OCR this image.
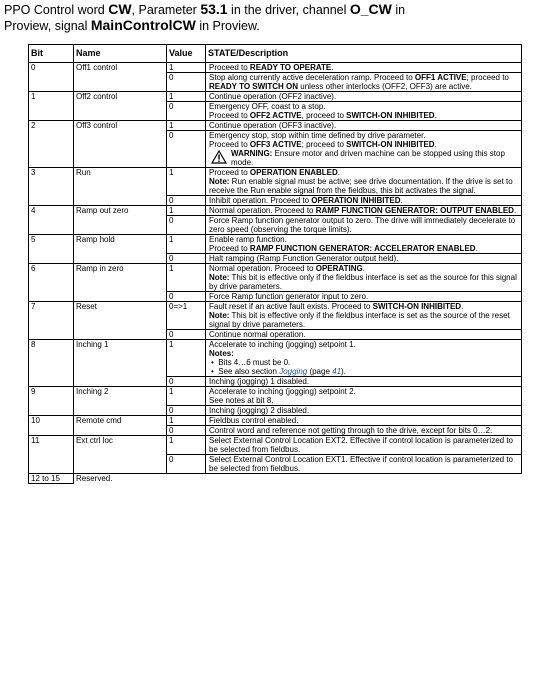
PPO Control word CW, Parameter 53.1 in the driver, channel O_CW in
Proview, signal MainControlCW in Proview.
Bit	Name	Value	STATE/Description
0	Off1 control	1	Proceed to READY TO OPERATE.
		0	Stop along currently active deceleration ramp. Proceed to OFF1 ACTIVE; proceed to READY TO SWITCH ON unless other interlocks (OFF2, OFF3) are active.
1	Off2 control	1	Continue operation (OFF2 inactive).
		0	Emergency OFF, coast to a stop.
Proceed to OFF2 ACTIVE, proceed to SWITCH-ON INHIBITED.
2	Off3 control	1	Continue operation (OFF3 inactive).
		0	Emergency stop, stop within time defined by drive parameter.
Proceed to OFF3 ACTIVE; proceed to SWITCH-ON INHIBITED.
WARNING: Ensure motor and driven machine can be stopped using this stop mode.

3	Run	1	Proceed to OPERATION ENABLED.
Note: Run enable signal must be active; see drive documentation. If the drive is set to receive the Run enable signal from the fieldbus, this bit activates the signal.
		0	Inhibit operation. Proceed to OPERATION INHIBITED.
4	Ramp out zero	1	Normal operation. Proceed to RAMP FUNCTION GENERATOR: OUTPUT ENABLED.
		0	Force Ramp function generator output to zero. The drive will immediately decelerate to zero speed (observing the torque limits).
5	Ramp hold	1	Enable ramp function.
Proceed to RAMP FUNCTION GENERATOR: ACCELERATOR ENABLED.
		0	Halt ramping (Ramp Function Generator output held).
6	Ramp in zero	1	Normal operation. Proceed to OPERATING.
Note: This bit is effective only if the fieldbus interface is set as the source for this signal by drive parameters.
		0	Force Ramp function generator input to zero.
7	Reset	0=>1	Fault reset if an active fault exists. Proceed to SWITCH-ON INHIBITED.
Note: This bit is effective only if the fieldbus interface is set as the source of the reset signal by drive parameters.
		0	Continue normal operation.
8	Inching 1	1	Accelerate to inching (jogging) setpoint 1.
Notes:
•  Bits 4…6 must be 0.
•  See also section Jogging (page 41).

		0	Inching (jogging) 1 disabled.
9	Inching 2	1	Accelerate to inching (jogging) setpoint 2.
See notes at bit 8.
		0	Inching (jogging) 2 disabled.
10	Remote cmd	1	Fieldbus control enabled.
		0	Control word and reference not getting through to the drive, except for bits 0…2.
11	Ext ctrl loc	1	Select External Control Location EXT2. Effective if control location is parameterized to be selected from fieldbus.
		0	Select External Control Location EXT1. Effective if control location is parameterized to be selected from fieldbus.
12 to 15	Reserved.		
